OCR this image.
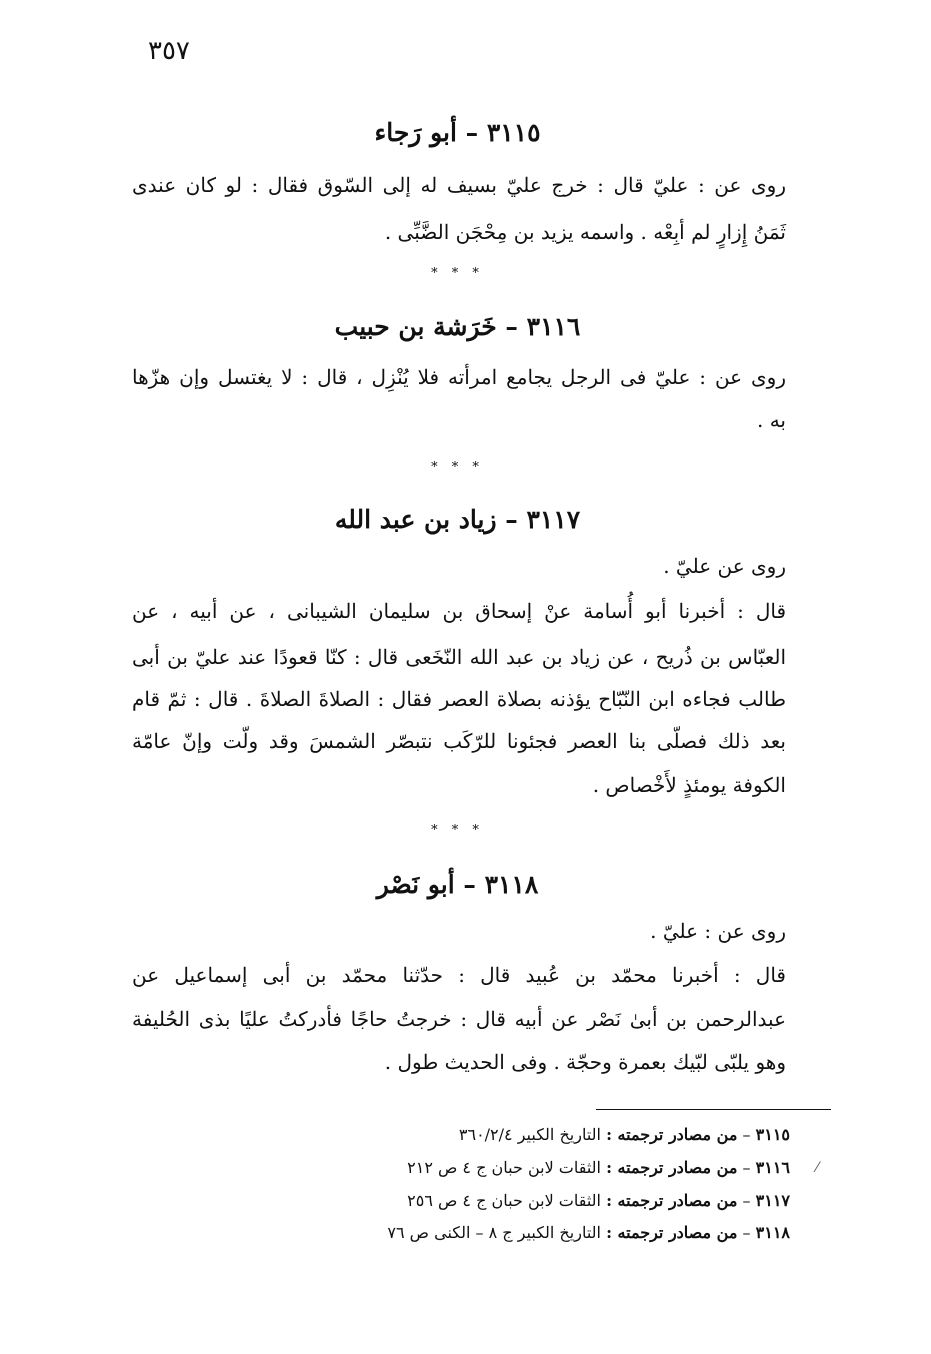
٣٥٧
٣١١٥ – أبو رَجاء
روى عن : عليّ قال : خرج عليّ بسيف له إلى السّوق فقال : لو كان عندى
ثَمَنُ إِزارٍ لم أبِعْه . واسمه يزيد بن مِحْجَن الضَّبِّى .
* * *
٣١١٦ – خَرَشة بن حبيب
روى عن : عليّ فى الرجل يجامع امرأته فلا يُنْزِل ، قال : لا يغتسل وإن هزّها
به .
* * *
٣١١٧ – زياد بن عبد الله
روى عن عليّ .
قال : أخبرنا أبو أُسامة عنْ إسحاق بن سليمان الشيبانى ، عن أبيه ، عن
العبّاس بن ذُريح ، عن زياد بن عبد الله النّخَعى قال : كنّا قعودًا عند عليّ بن أبى
طالب فجاءه ابن النّبّاح يؤذنه بصلاة العصر فقال : الصلاةَ الصلاةَ . قال : ثمّ قام
بعد ذلك فصلّى بنا العصر فجئونا للرّكَب نتبصّر الشمسَ وقد ولّت وإنّ عامّة
الكوفة يومئذٍ لأَخْصاص .
* * *
٣١١٨ – أبو نَصْر
روى عن : عليّ .
قال : أخبرنا محمّد بن عُبيد قال : حدّثنا محمّد بن أبى إسماعيل عن
عبدالرحمن بن أبىٰ نَصْر عن أبيه قال : خرجتُ حاجًا فأدركتُ عليًا بذى الحُليفة
وهو يلبّى لبّيك بعمرة وحجّة . وفى الحديث طول .
٣١١٥ – من مصادر ترجمته : التاريخ الكبير ٣٦٠/٢/٤
٣١١٦ – من مصادر ترجمته : الثقات لابن حبان ج ٤ ص ٢١٢
٣١١٧ – من مصادر ترجمته : الثقات لابن حبان ج ٤ ص ٢٥٦
٣١١٨ – من مصادر ترجمته : التاريخ الكبير ج ٨ – الكنى ص ٧٦
⁄
